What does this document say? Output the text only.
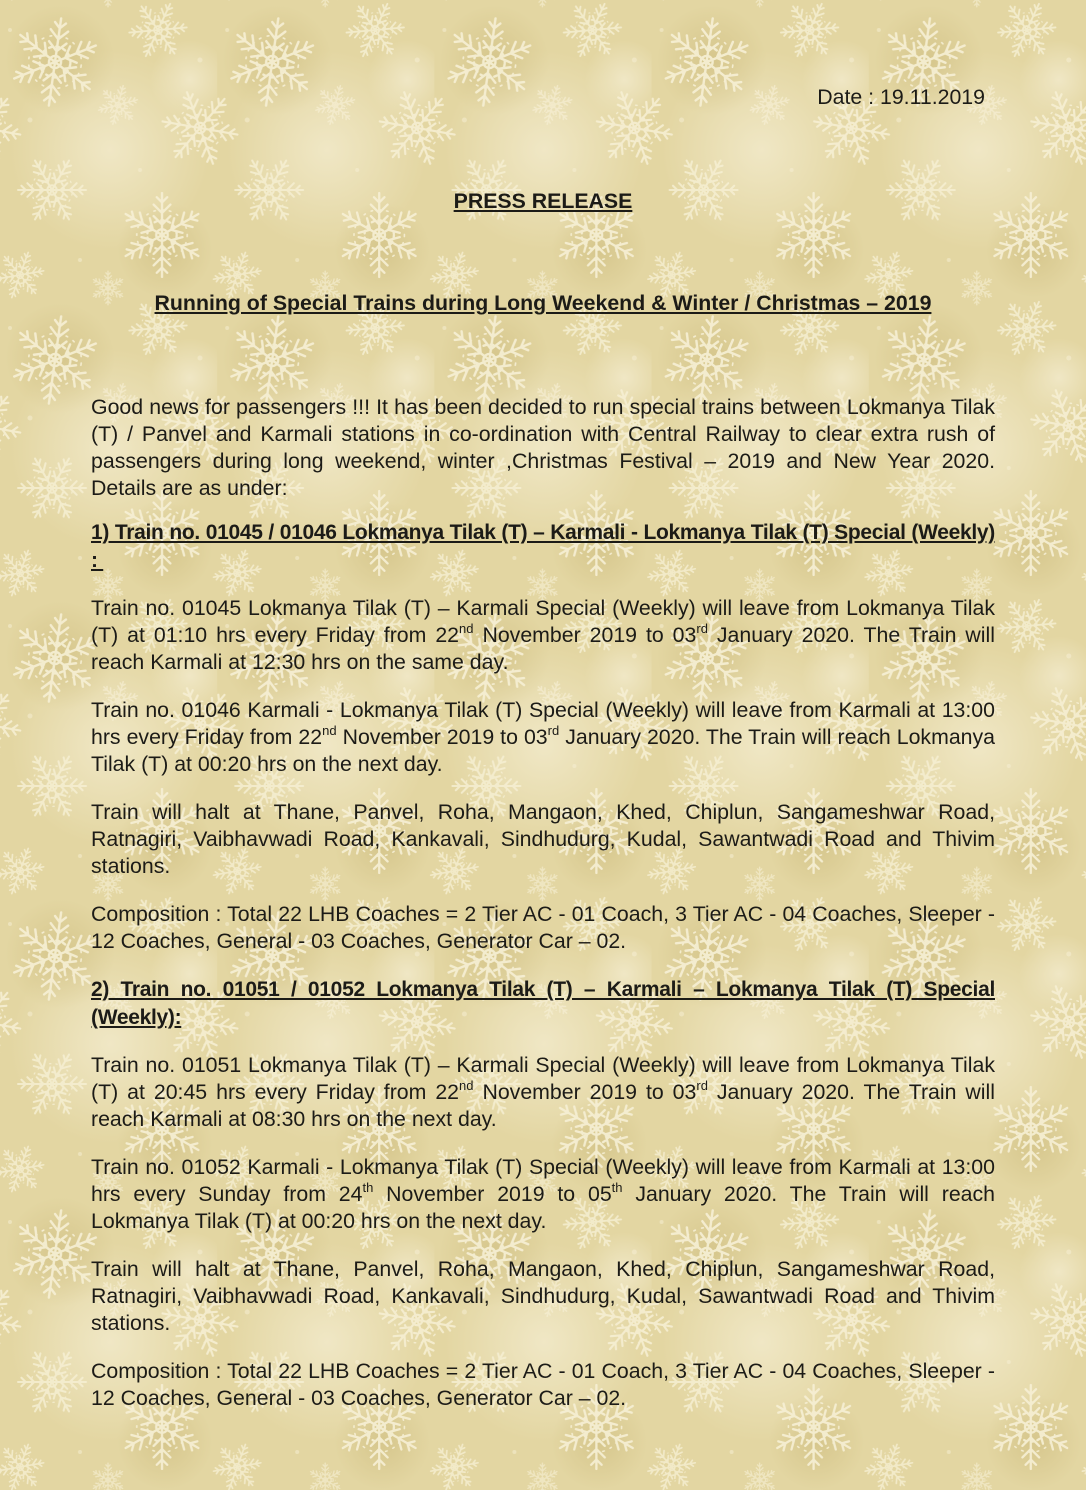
Date : 19.11.2019
PRESS RELEASE
Running of Special Trains during Long Weekend & Winter / Christmas – 2019

Good news for passengers !!! It has been decided to run special trains between Lokmanya Tilak (T) / Panvel and Karmali stations in co-ordination with Central Railway to clear extra rush of passengers during long weekend, winter ,Christmas Festival – 2019 and New Year 2020. Details are as under:

1) Train no. 01045 / 01046 Lokmanya Tilak (T) – Karmali - Lokmanya Tilak (T) Special (Weekly) :

Train no. 01045 Lokmanya Tilak (T) – Karmali Special (Weekly) will leave from Lokmanya Tilak (T) at 01:10 hrs every Friday from 22nd November 2019 to 03rd January 2020. The Train will reach Karmali at 12:30 hrs on the same day.

Train no. 01046 Karmali - Lokmanya Tilak (T) Special (Weekly) will leave from Karmali at 13:00 hrs every Friday from 22nd November 2019 to 03rd January 2020. The Train will reach Lokmanya Tilak (T) at 00:20 hrs on the next day.

Train will halt at Thane, Panvel, Roha, Mangaon, Khed, Chiplun, Sangameshwar Road, Ratnagiri, Vaibhavwadi Road, Kankavali, Sindhudurg, Kudal, Sawantwadi Road and Thivim stations.

Composition : Total 22 LHB Coaches = 2 Tier AC - 01 Coach, 3 Tier AC - 04 Coaches, Sleeper - 12 Coaches, General - 03 Coaches, Generator Car – 02.

2) Train no. 01051 / 01052 Lokmanya Tilak (T) – Karmali – Lokmanya Tilak (T) Special (Weekly):

Train no. 01051 Lokmanya Tilak (T) – Karmali Special (Weekly) will leave from Lokmanya Tilak (T) at 20:45 hrs every Friday from 22nd November 2019 to 03rd January 2020. The Train will reach Karmali at 08:30 hrs on the next day.

Train no. 01052 Karmali - Lokmanya Tilak (T) Special (Weekly) will leave from Karmali at 13:00 hrs every Sunday from 24th November 2019 to 05th January 2020. The Train will reach Lokmanya Tilak (T) at 00:20 hrs on the next day.

Train will halt at Thane, Panvel, Roha, Mangaon, Khed, Chiplun, Sangameshwar Road, Ratnagiri, Vaibhavwadi Road, Kankavali, Sindhudurg, Kudal, Sawantwadi Road and Thivim stations.

Composition : Total 22 LHB Coaches = 2 Tier AC - 01 Coach, 3 Tier AC - 04 Coaches, Sleeper - 12 Coaches, General - 03 Coaches, Generator Car – 02.
